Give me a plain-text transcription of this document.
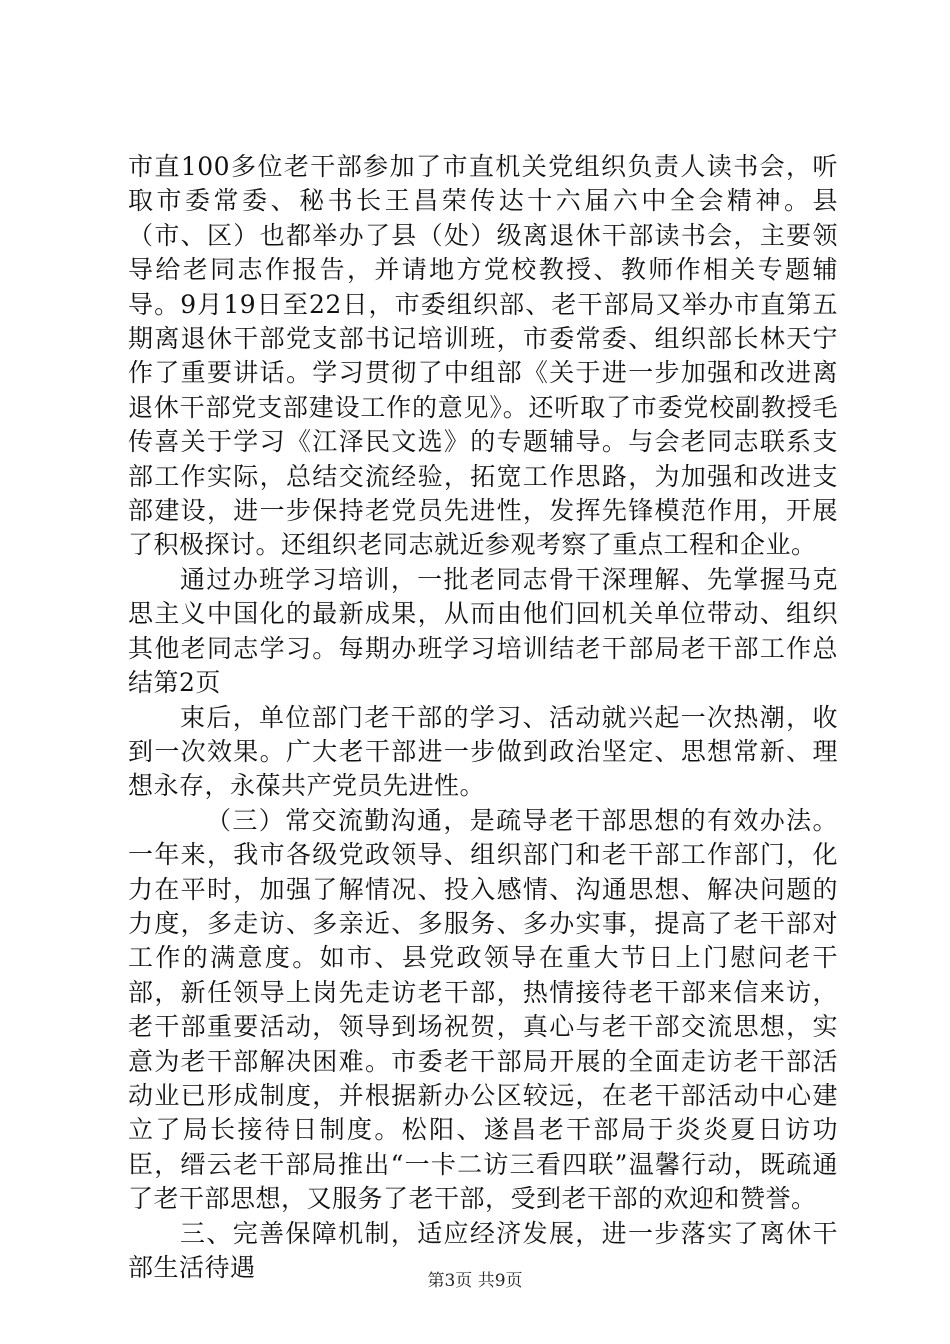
市直100多位老干部参加了市直机关党组织负责人读书会，听取市委常委、秘书长王昌荣传达十六届六中全会精神。县（市、区）也都举办了县（处）级离退休干部读书会，主要领导给老同志作报告，并请地方党校教授、教师作相关专题辅导。9月19日至22日，市委组织部、老干部局又举办市直第五期离退休干部党支部书记培训班，市委常委、组织部长林天宁作了重要讲话。学习贯彻了中组部《关于进一步加强和改进离退休干部党支部建设工作的意见》。还听取了市委党校副教授毛传喜关于学习《江泽民文选》的专题辅导。与会老同志联系支部工作实际，总结交流经验，拓宽工作思路，为加强和改进支部建设，进一步保持老党员先进性，发挥先锋模范作用，开展了积极探讨。还组织老同志就近参观考察了重点工程和企业。

通过办班学习培训，一批老同志骨干深理解、先掌握马克思主义中国化的最新成果，从而由他们回机关单位带动、组织其他老同志学习。每期办班学习培训结老干部局老干部工作总结第2页

束后，单位部门老干部的学习、活动就兴起一次热潮，收到一次效果。广大老干部进一步做到政治坚定、思想常新、理想永存，永葆共产党员先进性。

（三）常交流勤沟通，是疏导老干部思想的有效办法。一年来，我市各级党政领导、组织部门和老干部工作部门，化力在平时，加强了解情况、投入感情、沟通思想、解决问题的力度，多走访、多亲近、多服务、多办实事，提高了老干部对工作的满意度。如市、县党政领导在重大节日上门慰问老干部，新任领导上岗先走访老干部，热情接待老干部来信来访，老干部重要活动，领导到场祝贺，真心与老干部交流思想，实意为老干部解决困难。市委老干部局开展的全面走访老干部活动业已形成制度，并根据新办公区较远，在老干部活动中心建立了局长接待日制度。松阳、遂昌老干部局于炎炎夏日访功臣，缙云老干部局推出“一卡二访三看四联”温馨行动，既疏通了老干部思想，又服务了老干部，受到老干部的欢迎和赞誉。

三、完善保障机制，适应经济发展，进一步落实了离休干部生活待遇	第3页 共9页
